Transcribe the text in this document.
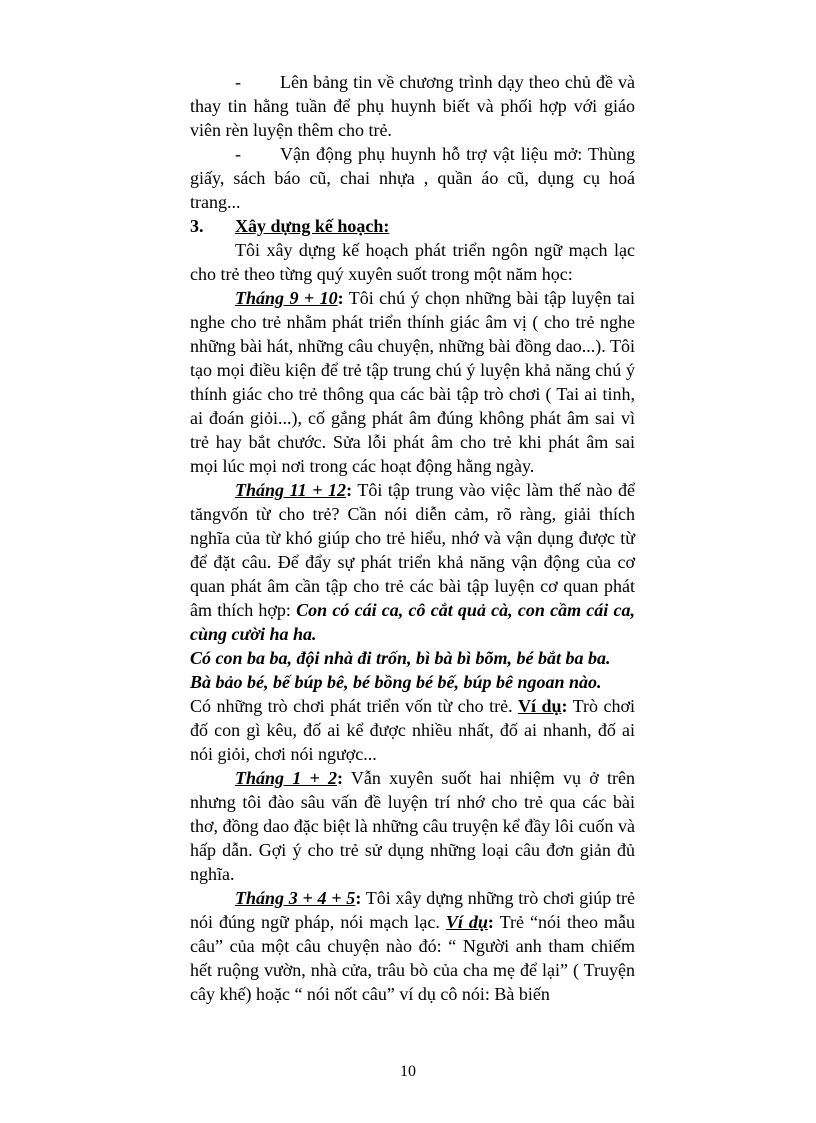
- Lên bảng tin về chương trình dạy theo chủ đề và thay tin hằng tuần để phụ huynh biết và phối hợp với giáo viên rèn luyện thêm cho trẻ.

- Vận động phụ huynh hỗ trợ vật liệu mở: Thùng giấy, sách báo cũ, chai nhựa , quần áo cũ, dụng cụ hoá trang...

3. Xây dựng kế hoạch:

Tôi xây dựng kế hoạch phát triển ngôn ngữ mạch lạc cho trẻ theo từng quý xuyên suốt trong một năm học:

Tháng 9 + 10: Tôi chú ý chọn những bài tập luyện tai nghe cho trẻ nhằm phát triển thính giác âm vị ( cho trẻ nghe những bài hát, những câu chuyện, những bài đồng dao...). Tôi tạo mọi điều kiện để trẻ tập trung chú ý luyện khả năng chú ý thính giác cho trẻ thông qua các bài tập trò chơi ( Tai ai tinh, ai đoán giỏi...), cố gắng phát âm đúng không phát âm sai vì trẻ hay bắt chước. Sửa lỗi phát âm cho trẻ khi phát âm sai mọi lúc mọi nơi trong các hoạt động hằng ngày.

Tháng 11 + 12: Tôi tập trung vào việc làm thế nào để tăngvốn từ cho trẻ? Cần nói diễn cảm, rõ ràng, giải thích nghĩa của từ khó giúp cho trẻ hiểu, nhớ và vận dụng được từ để đặt câu. Để đẩy sự phát triển khả năng vận động của cơ quan phát âm cần tập cho trẻ các bài tập luyện cơ quan phát âm thích hợp: Con có cái ca, cô cắt quả cà, con cầm cái ca, cùng cười ha ha.

Có con ba ba, đội nhà đi trốn, bì bà bì bõm, bé bắt ba ba.

Bà bảo bé, bế búp bê, bé bồng bé bế, búp bê ngoan nào.

Có những trò chơi phát triển vốn từ cho trẻ. Ví dụ: Trò chơi đố con gì kêu, đố ai kể được nhiều nhất, đố ai nhanh, đố ai nói giỏi, chơi nói ngược...

Tháng 1 + 2: Vẫn xuyên suốt hai nhiệm vụ ở trên nhưng tôi đào sâu vấn đề luyện trí nhớ cho trẻ qua các bài thơ, đồng dao đặc biệt là những câu truyện kể đầy lôi cuốn và hấp dẫn. Gợi ý cho trẻ sử dụng những loại câu đơn giản đủ nghĩa.

Tháng 3 + 4 + 5: Tôi xây dựng những trò chơi giúp trẻ nói đúng ngữ pháp, nói mạch lạc. Ví dụ: Trẻ “nói theo mẫu câu” của một câu chuyện nào đó: “ Người anh tham chiếm hết ruộng vườn, nhà cửa, trâu bò của cha mẹ để lại” ( Truyện cây khế) hoặc “ nói nốt câu” ví dụ cô nói: Bà biến

10
